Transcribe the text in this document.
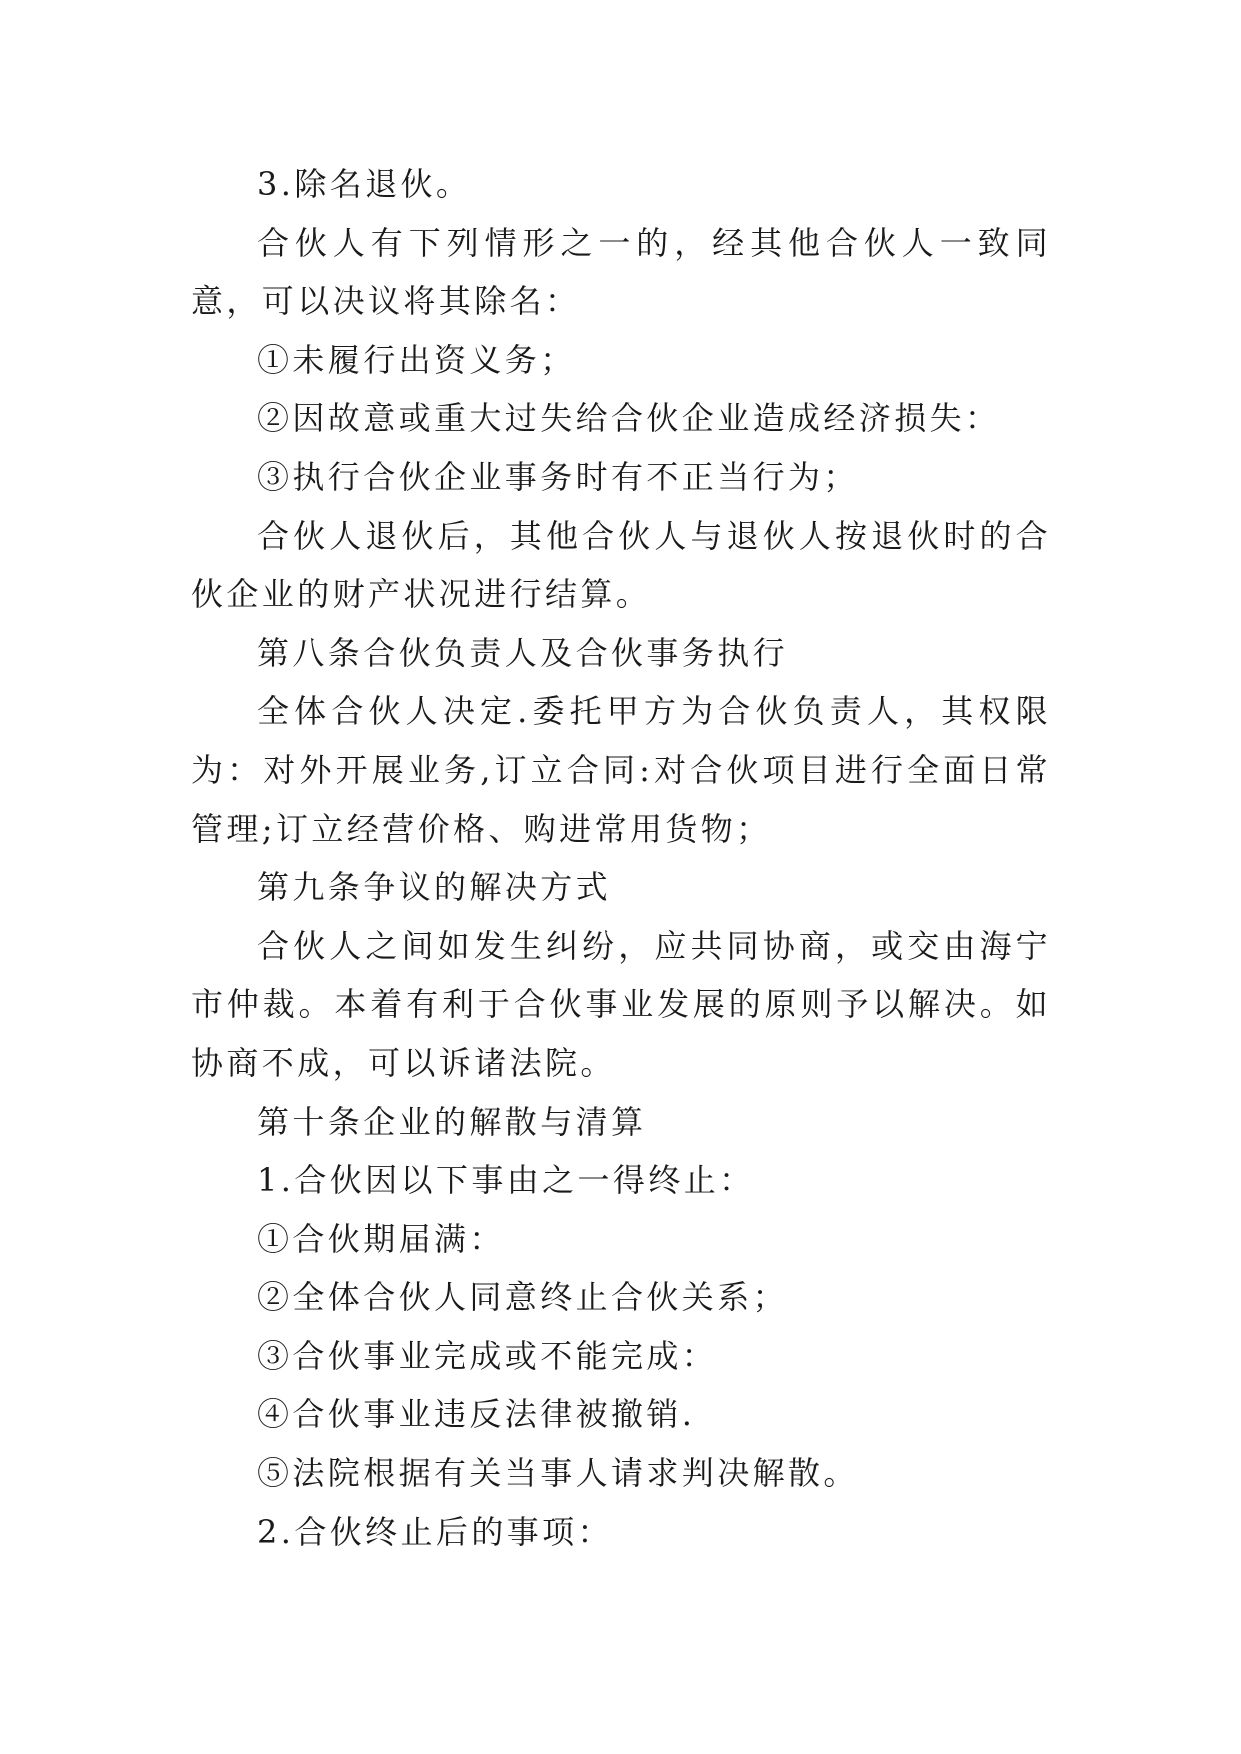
3.除名退伙。

合伙人有下列情形之一的，经其他合伙人一致同意，可以决议将其除名：

①未履行出资义务；

②因故意或重大过失给合伙企业造成经济损失：

③执行合伙企业事务时有不正当行为；

合伙人退伙后，其他合伙人与退伙人按退伙时的合伙企业的财产状况进行结算。

第八条合伙负责人及合伙事务执行

全体合伙人决定.委托甲方为合伙负责人，其权限为：对外开展业务,订立合同:对合伙项目进行全面日常管理;订立经营价格、购进常用货物；

第九条争议的解决方式

合伙人之间如发生纠纷，应共同协商，或交由海宁市仲裁。本着有利于合伙事业发展的原则予以解决。如协商不成，可以诉诸法院。

第十条企业的解散与清算

1.合伙因以下事由之一得终止：

①合伙期届满：

②全体合伙人同意终止合伙关系；

③合伙事业完成或不能完成：

④合伙事业违反法律被撤销.

⑤法院根据有关当事人请求判决解散。

2.合伙终止后的事项：
